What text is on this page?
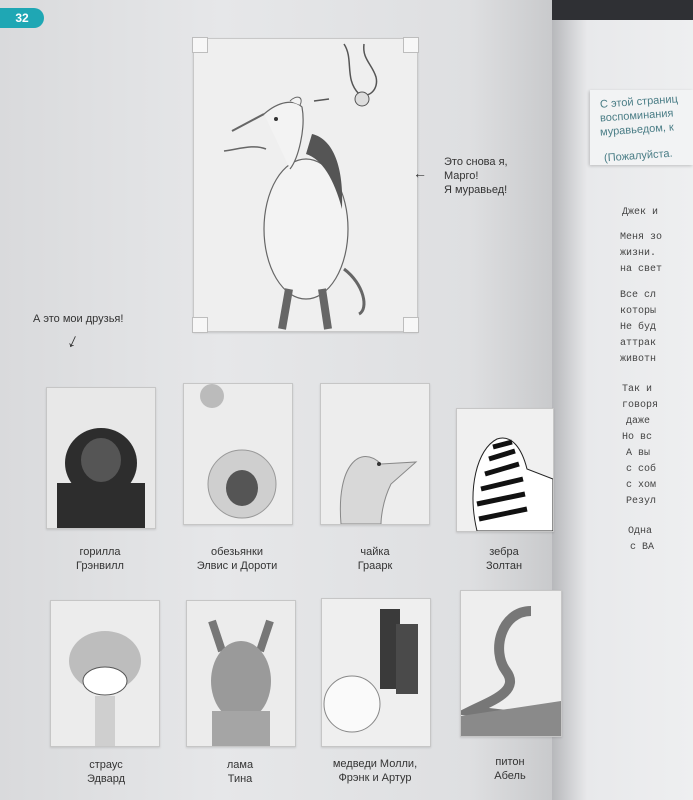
32
←
Это снова я,
Марго!
Я муравьед!
А это мои друзья!
↓
горилла
Грэнвилл
обезьянки
Элвис и Дороти
чайка
Граарк
зебра
Золтан
страус
Эдвард
лама
Тина
медведи Молли,
Фрэнк и Артур
питон
Абель
С этой страниц
воспоминания
муравьедом, к
(Пожалуйста.
Джек и
Меня зо
жизни.
на свет
Все сл
которы
Не буд
аттрак
животн
Так и
говоря
даже
Но вс
А вы
с соб
с хом
Резул
Одна
с ВА
